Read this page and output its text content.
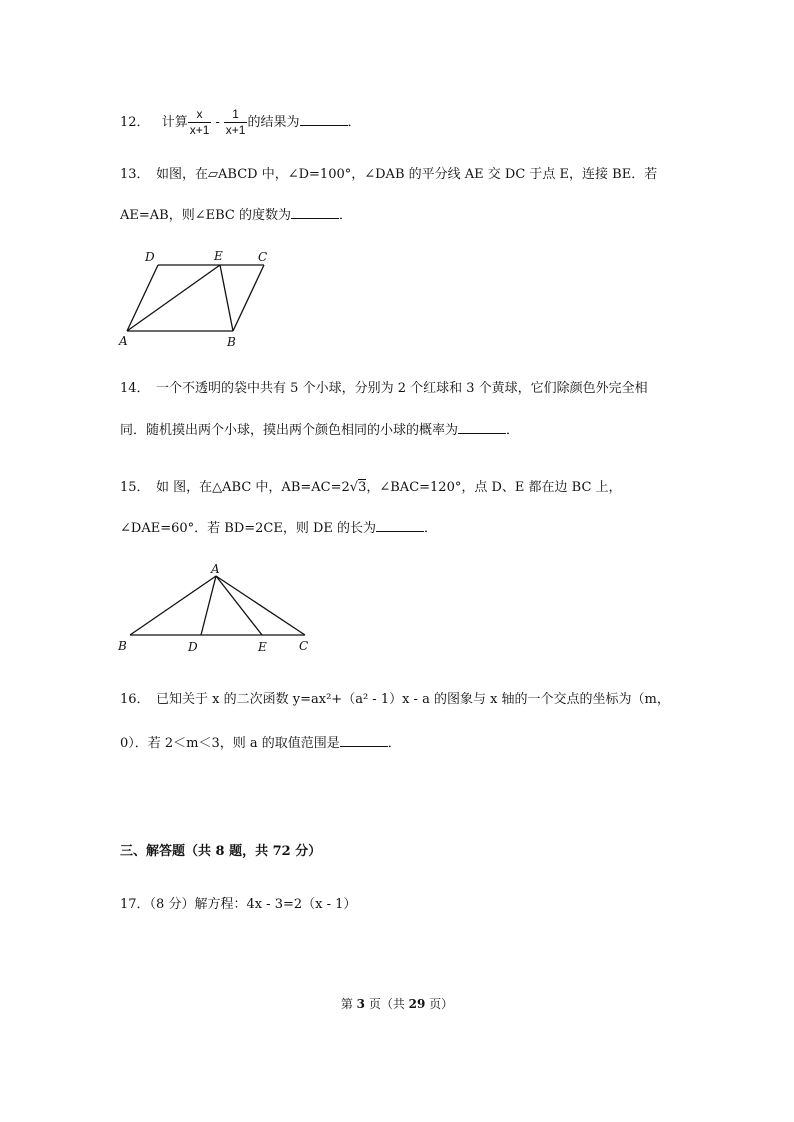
12． 计算 $\frac{x}{x+1} - \frac{1}{x+1}$ 的结果为	．
13．　如图，在▱ABCD 中，∠D=100°，∠DAB 的平分线 AE 交 DC 于点 E，连接 BE．若
AE=AB，则∠EBC 的度数为	．
D	E	C
A	B
14．　一个不透明的袋中共有 5 个小球，分别为 2 个红球和 3 个黄球，它们除颜色外完全相
同．随机摸出两个小球，摸出两个颜色相同的小球的概率为	．
15．　如 图，在△ABC 中，AB=AC=2√3，∠BAC=120°，点 D、E 都在边 BC 上，
∠DAE=60°．若 BD=2CE，则 DE 的长为	．
A
B	D	E	C
16．　已知关于 x 的二次函数 y=ax²+（a² - 1）x - a 的图象与 x 轴的一个交点的坐标为（m，
0）．若 2＜m＜3，则 a 的取值范围是	．
三、解答题（共 8 题，共 72 分）
17．（8 分）解方程：4x - 3=2（x - 1）
第 3 页（共 29 页）
